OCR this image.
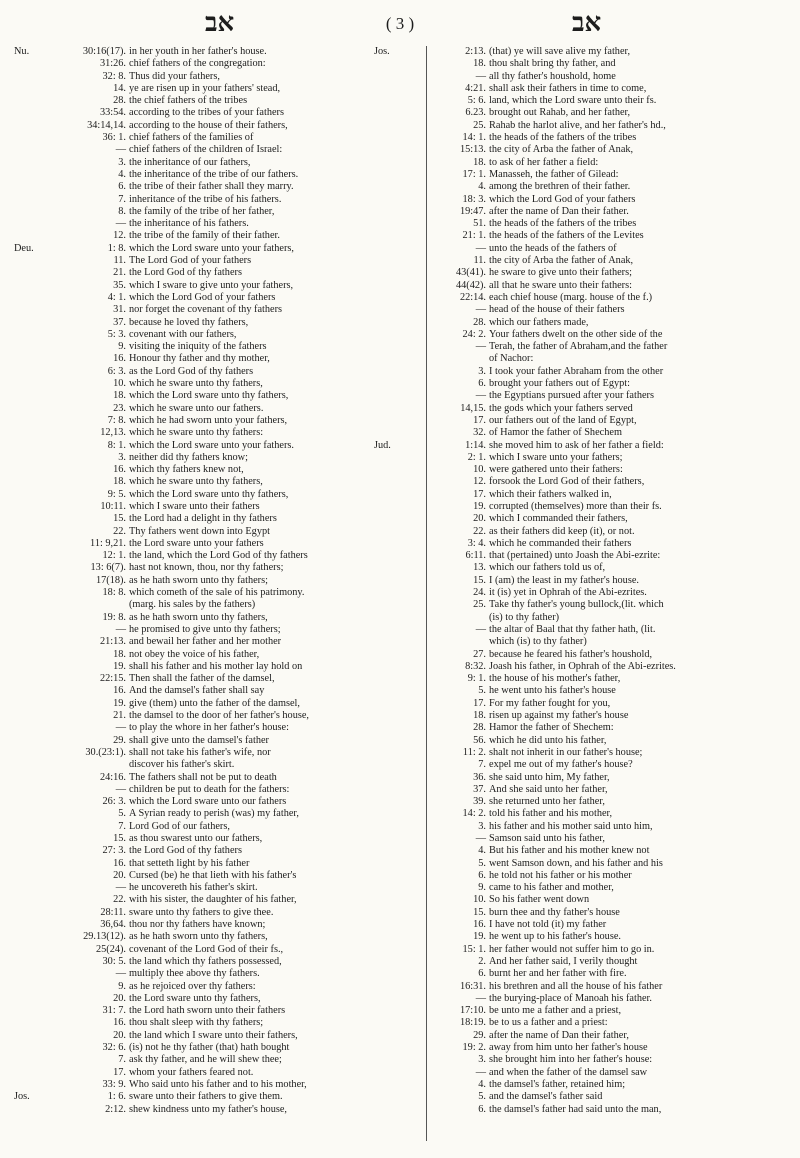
אב	( 3 )	אב
Nu.	30:16(17). in her youth in her father's house.
31:26. chief fathers of the congregation:
32: 8. Thus did your fathers,
14. ye are risen up in your fathers' stead,
28. the chief fathers of the tribes
33:54. according to the tribes of your fathers
34:14,14. according to the house of their fathers,
36: 1. chief fathers of the families of
— chief fathers of the children of Israel:
3. the inheritance of our fathers,
4. the inheritance of the tribe of our fathers.
6. the tribe of their father shall they marry.
7. inheritance of the tribe of his fathers.
8. the family of the tribe of her father,
— the inheritance of his fathers.
12. the tribe of the family of their father.
Deu.	1: 8. which the Lord sware unto your fathers,
11. The Lord God of your fathers
21. the Lord God of thy fathers
35. which I sware to give unto your fathers,
4: 1. which the Lord God of your fathers
31. nor forget the covenant of thy fathers
37. because he loved thy fathers,
5: 3. covenant with our fathers,
9. visiting the iniquity of the fathers
16. Honour thy father and thy mother,
6: 3. as the Lord God of thy fathers
10. which he sware unto thy fathers,
18. which the Lord sware unto thy fathers,
23. which he sware unto our fathers.
7: 8. which he had sworn unto your fathers,
12,13. which he sware unto thy fathers:
8: 1. which the Lord sware unto your fathers.
3. neither did thy fathers know;
16. which thy fathers knew not,
18. which he sware unto thy fathers,
9: 5. which the Lord sware unto thy fathers,
10:11. which I sware unto their fathers
15. the Lord had a delight in thy fathers
22. Thy fathers went down into Egypt
11: 9,21. the Lord sware unto your fathers
12: 1. the land, which the Lord God of thy fathers
13: 6(7). hast not known, thou, nor thy fathers;
17(18). as he hath sworn unto thy fathers;
18: 8. which cometh of the sale of his patrimony.
(marg. his sales by the fathers)
19: 8. as he hath sworn unto thy fathers,
— he promised to give unto thy fathers;
21:13. and bewail her father and her mother
18. not obey the voice of his father,
19. shall his father and his mother lay hold on
22:15. Then shall the father of the damsel,
16. And the damsel's father shall say
19. give (them) unto the father of the damsel,
21. the damsel to the door of her father's house,
— to play the whore in her father's house:
29. shall give unto the damsel's father
30.(23:1). shall not take his father's wife, nor
discover his father's skirt.
24:16. The fathers shall not be put to death
— children be put to death for the fathers:
26: 3. which the Lord sware unto our fathers
5. A Syrian ready to perish (was) my father,
7. Lord God of our fathers,
15. as thou swarest unto our fathers,
27: 3. the Lord God of thy fathers
16. that setteth light by his father
20. Cursed (be) he that lieth with his father's
— he uncovereth his father's skirt.
22. with his sister, the daughter of his father,
28:11. sware unto thy fathers to give thee.
36,64. thou nor thy fathers have known;
29.13(12). as he hath sworn unto thy fathers,
25(24). covenant of the Lord God of their fs.,
30: 5. the land which thy fathers possessed,
— multiply thee above thy fathers.
9. as he rejoiced over thy fathers:
20. the Lord sware unto thy fathers,
31: 7. the Lord hath sworn unto their fathers
16. thou shalt sleep with thy fathers;
20. the land which I sware unto their fathers,
32: 6. (is) not he thy father (that) hath bought
7. ask thy father, and he will shew thee;
17. whom your fathers feared not.
33: 9. Who said unto his father and to his mother,
Jos.	1: 6. sware unto their fathers to give them.
2:12. shew kindness unto my father's house,
Jos.	2:13. (that) ye will save alive my father,
18. thou shalt bring thy father, and
— all thy father's houshold, home
4:21. shall ask their fathers in time to come,
5: 6. land, which the Lord sware unto their fs.
6.23. brought out Rahab, and her father,
25. Rahab the harlot alive, and her father's hd.,
14: 1. the heads of the fathers of the tribes
15:13. the city of Arba the father of Anak,
18. to ask of her father a field:
17: 1. Manasseh, the father of Gilead:
4. among the brethren of their father.
18: 3. which the Lord God of your fathers
19:47. after the name of Dan their father.
51. the heads of the fathers of the tribes
21: 1. the heads of the fathers of the Levites
— unto the heads of the fathers of
11. the city of Arba the father of Anak,
43(41). he sware to give unto their fathers;
44(42). all that he sware unto their fathers:
22:14. each chief house (marg. house of the f.)
— head of the house of their fathers
28. which our fathers made,
24: 2. Your fathers dwelt on the other side of the
— Terah, the father of Abraham,and the father
of Nachor:
3. I took your father Abraham from the other
6. brought your fathers out of Egypt:
— the Egyptians pursued after your fathers
14,15. the gods which your fathers served
17. our fathers out of the land of Egypt,
32. of Hamor the father of Shechem
Jud.	1:14. she moved him to ask of her father a field:
2: 1. which I sware unto your fathers;
10. were gathered unto their fathers:
12. forsook the Lord God of their fathers,
17. which their fathers walked in,
19. corrupted (themselves) more than their fs.
20. which I commanded their fathers,
22. as their fathers did keep (it), or not.
3: 4. which he commanded their fathers
6:11. that (pertained) unto Joash the Abi-ezrite:
13. which our fathers told us of,
15. I (am) the least in my father's house.
24. it (is) yet in Ophrah of the Abi-ezrites.
25. Take thy father's young bullock,(lit. which
(is) to thy father)
— the altar of Baal that thy father hath, (lit.
which (is) to thy father)
27. because he feared his father's houshold,
8:32. Joash his father, in Ophrah of the Abi-ezrites.
9: 1. the house of his mother's father,
5. he went unto his father's house
17. For my father fought for you,
18. risen up against my father's house
28. Hamor the father of Shechem:
56. which he did unto his father,
11: 2. shalt not inherit in our father's house;
7. expel me out of my father's house?
36. she said unto him, My father,
37. And she said unto her father,
39. she returned unto her father,
14: 2. told his father and his mother,
3. his father and his mother said unto him,
— Samson said unto his father,
4. But his father and his mother knew not
5. went Samson down, and his father and his
6. he told not his father or his mother
9. came to his father and mother,
10. So his father went down
15. burn thee and thy father's house
16. I have not told (it) my father
19. he went up to his father's house.
15: 1. her father would not suffer him to go in.
2. And her father said, I verily thought
6. burnt her and her father with fire.
16:31. his brethren and all the house of his father
— the burying-place of Manoah his father.
17:10. be unto me a father and a priest,
18:19. be to us a father and a priest:
29. after the name of Dan their father,
19: 2. away from him unto her father's house
3. she brought him into her father's house:
— and when the father of the damsel saw
4. the damsel's father, retained him;
5. and the damsel's father said
6. the damsel's father had said unto the man,
